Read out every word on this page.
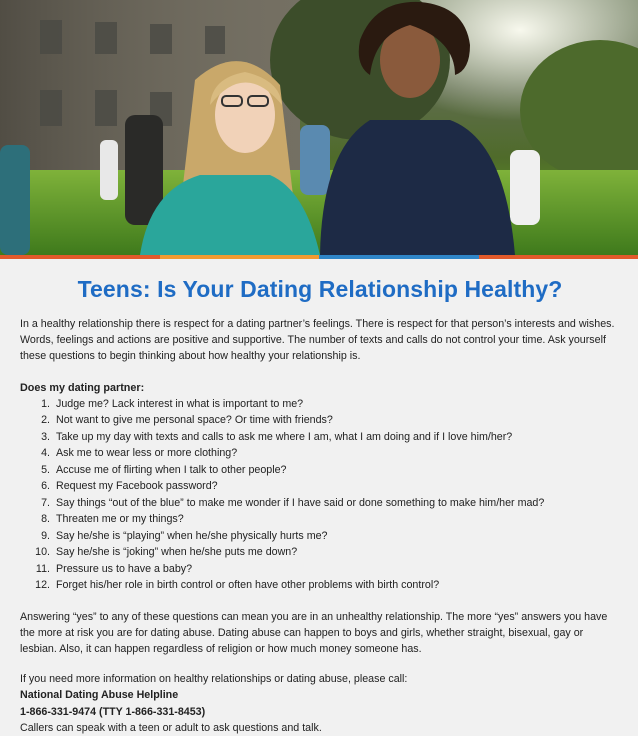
Teens: Is Your Dating Relationship Healthy?

In a healthy relationship there is respect for a dating partner’s feelings. There is respect for that person’s interests and wishes. Words, feelings and actions are positive and supportive. The number of texts and calls do not control your time. Ask yourself these questions to begin thinking about how healthy your relationship is.

Does my dating partner:
1. Judge me? Lack interest in what is important to me?
2. Not want to give me personal space? Or time with friends?
3. Take up my day with texts and calls to ask me where I am, what I am doing and if I love him/her?
4. Ask me to wear less or more clothing?
5. Accuse me of flirting when I talk to other people?
6. Request my Facebook password?
7. Say things “out of the blue” to make me wonder if I have said or done something to make him/her mad?
8. Threaten me or my things?
9. Say he/she is “playing” when he/she physically hurts me?
10. Say he/she is “joking” when he/she puts me down?
11. Pressure us to have a baby?
12. Forget his/her role in birth control or often have other problems with birth control?

Answering “yes” to any of these questions can mean you are in an unhealthy relationship. The more “yes” answers you have the more at risk you are for dating abuse. Dating abuse can happen to boys and girls, whether straight, bisexual, gay or lesbian. Also, it can happen regardless of religion or how much money someone has.

If you need more information on healthy relationships or dating abuse, please call:
National Dating Abuse Helpline
1-866-331-9474 (TTY 1-866-331-8453)
Callers can speak with a teen or adult to ask questions and talk.
